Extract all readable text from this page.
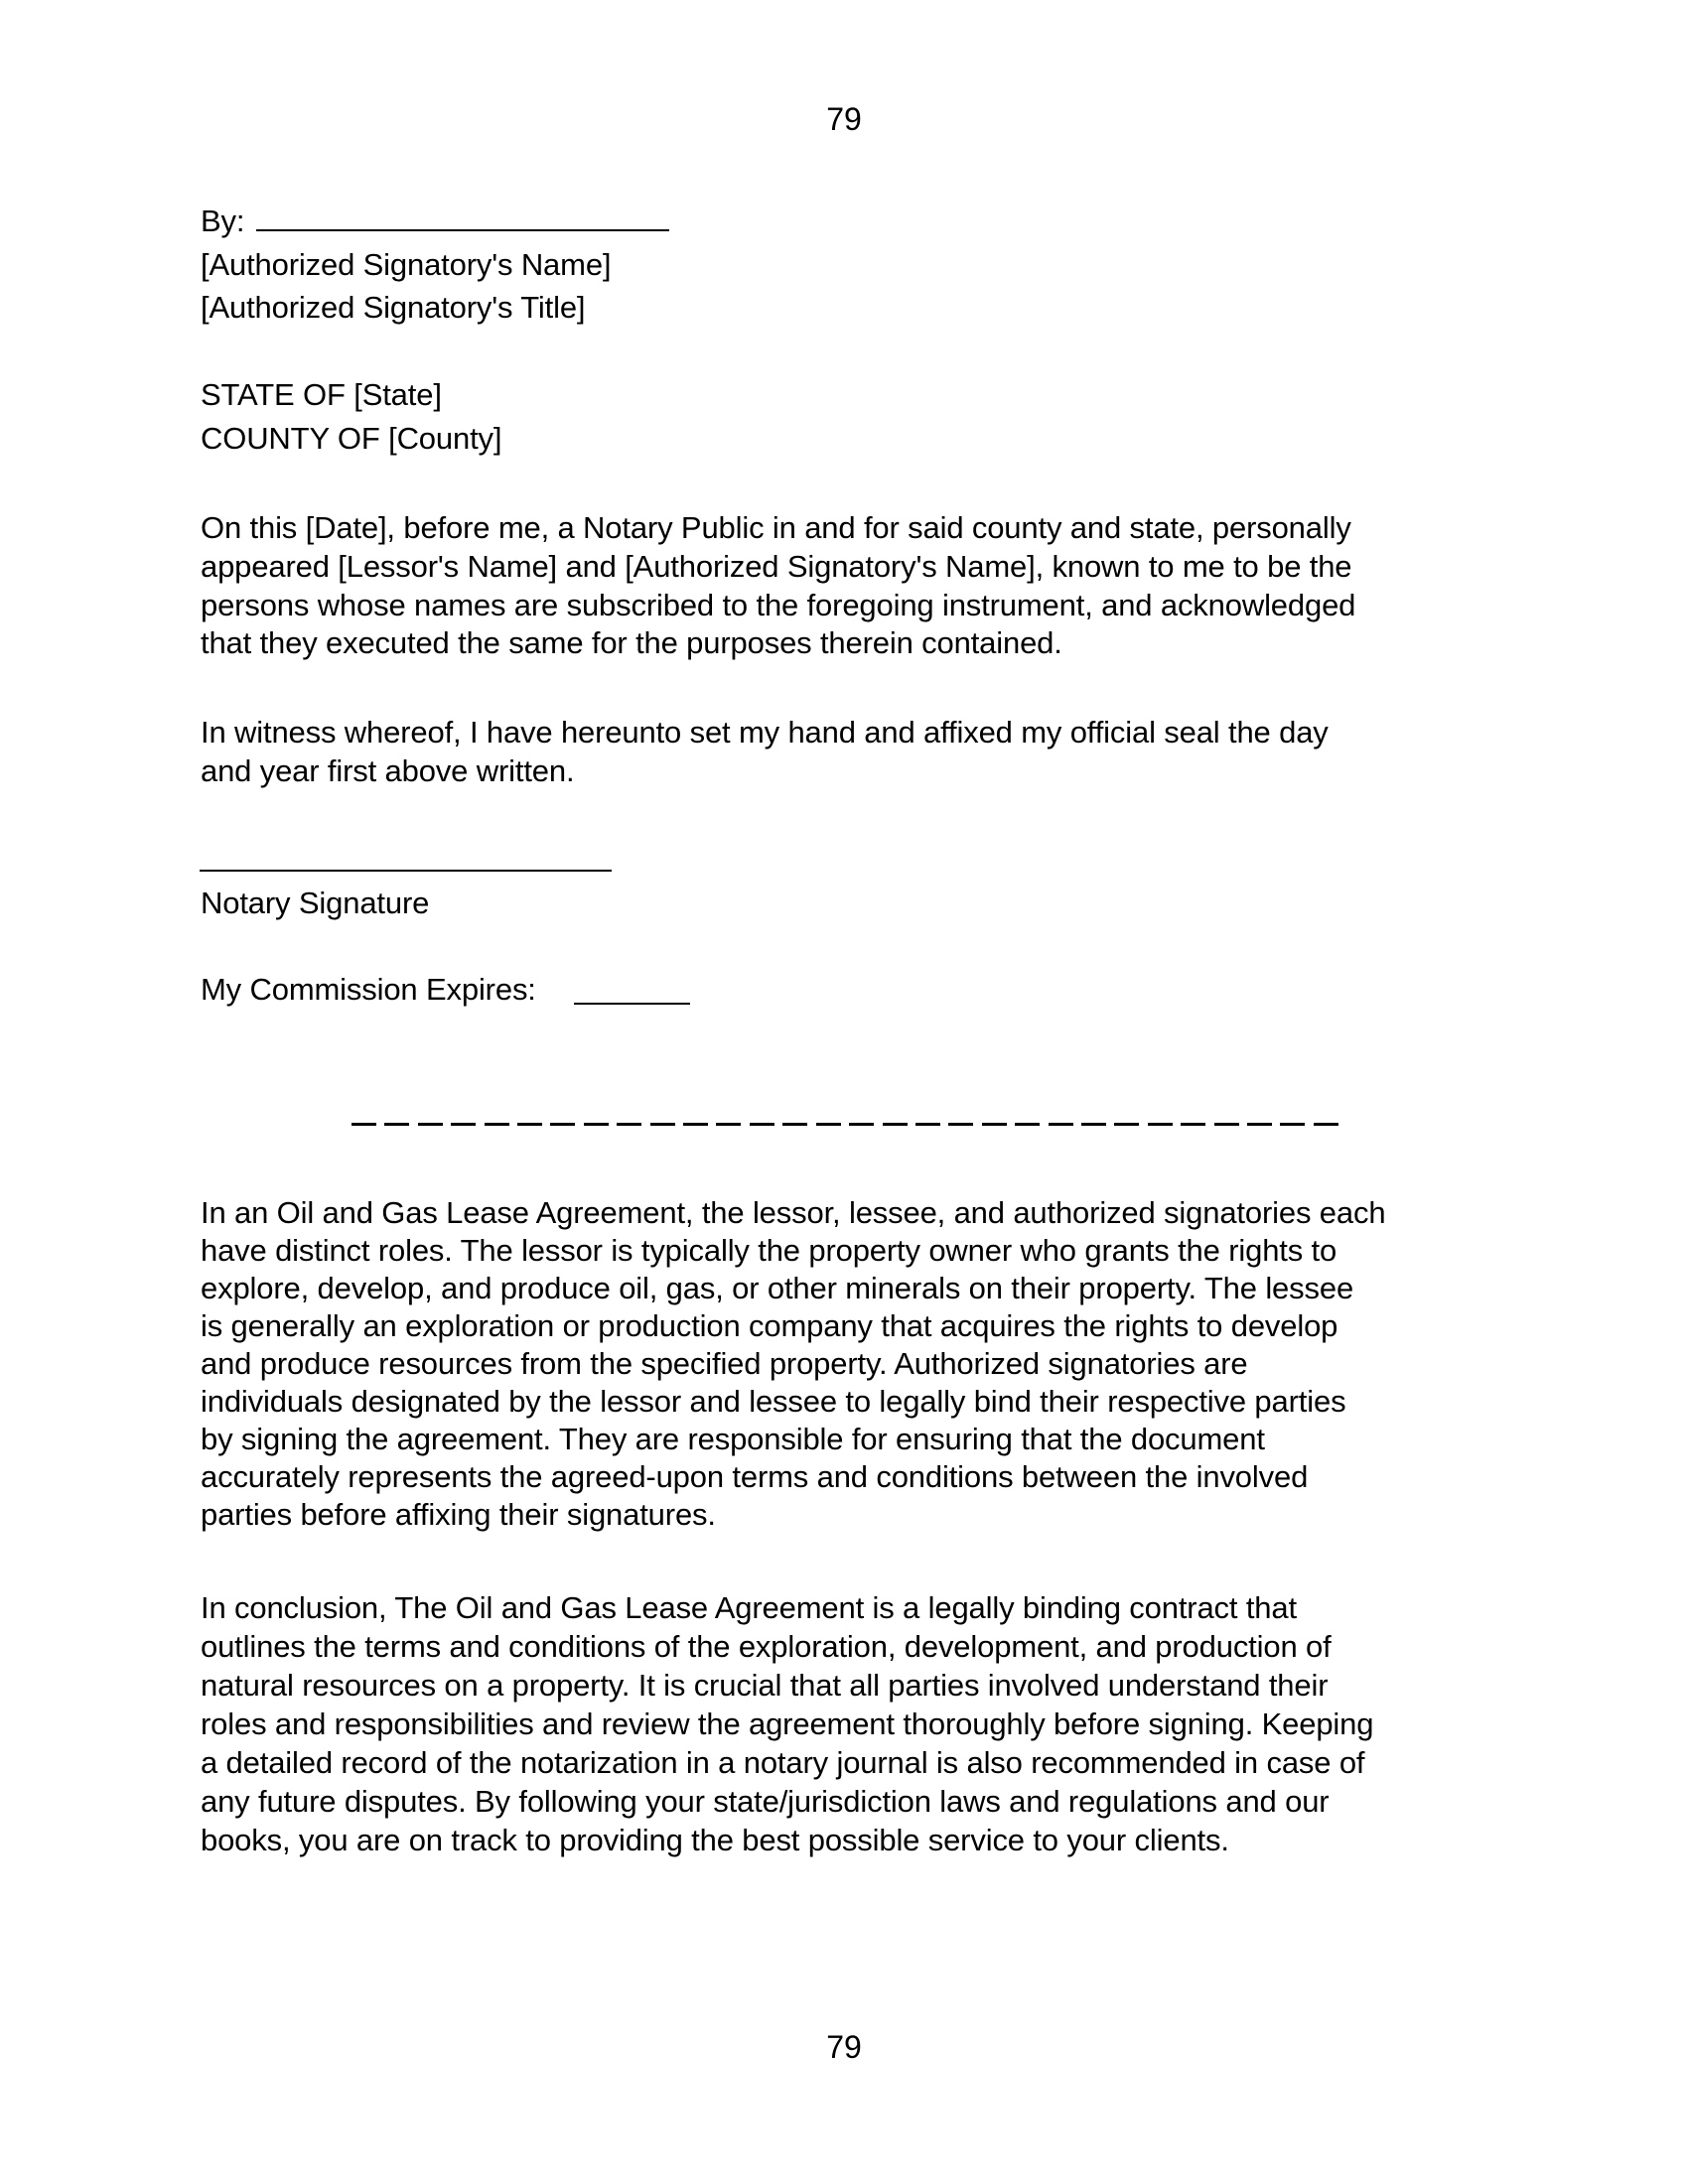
79
By:
[Authorized Signatory's Name]
[Authorized Signatory's Title]
STATE OF [State]
COUNTY OF [County]
On this [Date], before me, a Notary Public in and for said county and state, personally
appeared [Lessor's Name] and [Authorized Signatory's Name], known to me to be the
persons whose names are subscribed to the foregoing instrument, and acknowledged
that they executed the same for the purposes therein contained.
In witness whereof, I have hereunto set my hand and affixed my official seal the day
and year first above written.
Notary Signature
My Commission Expires:
In an Oil and Gas Lease Agreement, the lessor, lessee, and authorized signatories each
have distinct roles. The lessor is typically the property owner who grants the rights to
explore, develop, and produce oil, gas, or other minerals on their property. The lessee
is generally an exploration or production company that acquires the rights to develop
and produce resources from the specified property. Authorized signatories are
individuals designated by the lessor and lessee to legally bind their respective parties
by signing the agreement. They are responsible for ensuring that the document
accurately represents the agreed-upon terms and conditions between the involved
parties before affixing their signatures.
In conclusion, The Oil and Gas Lease Agreement is a legally binding contract that
outlines the terms and conditions of the exploration, development, and production of
natural resources on a property. It is crucial that all parties involved understand their
roles and responsibilities and review the agreement thoroughly before signing. Keeping
a detailed record of the notarization in a notary journal is also recommended in case of
any future disputes. By following your state/jurisdiction laws and regulations and our
books, you are on track to providing the best possible service to your clients.
79
